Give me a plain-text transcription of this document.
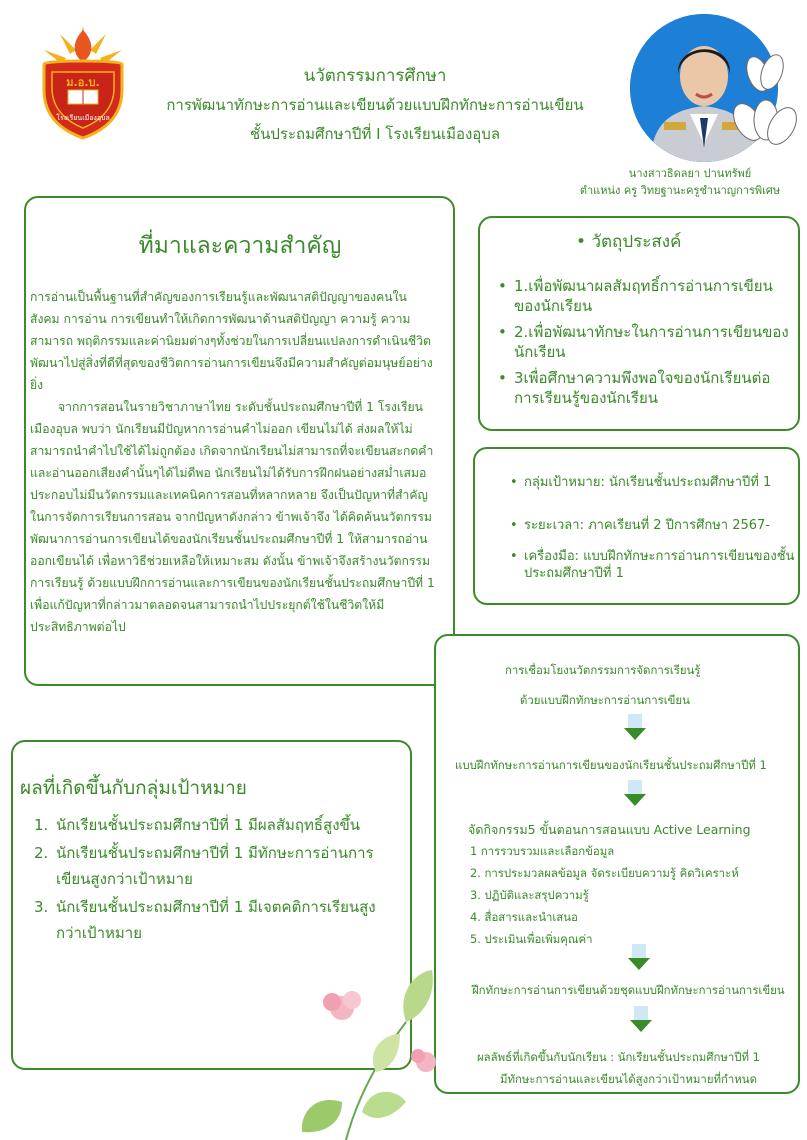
ม.อ.บ.
โรงเรียนเมืองอุบล
นวัตกรรมการศึกษา
การพัฒนาทักษะการอ่านและเขียนด้วยแบบฝึกทักษะการอ่านเขียน
ชั้นประถมศึกษาปีที่ I โรงเรียนเมืองอุบล
นางสาวธิดลยา ปานทรัพย์
ตำแหน่ง ครู วิทยฐานะครูชำนาญการพิเศษ
ที่มาและความสำคัญ

การอ่านเป็นพื้นฐานที่สำคัญของการเรียนรู้และพัฒนาสติปัญญาของคนในสังคม การอ่าน การเขียนทำให้เกิดการพัฒนาด้านสติปัญญา ความรู้ ความสามารถ พฤติกรรมและค่านิยมต่างๆทั้งช่วยในการเปลี่ยนแปลงการดำเนินชีวิตพัฒนาไปสู่สิ่งที่ดีที่สุดของชีวิตการอ่านการเขียนจึงมีความสำคัญต่อมนุษย์อย่างยิ่ง

จากการสอนในรายวิชาภาษาไทย ระดับชั้นประถมศึกษาปีที่ 1 โรงเรียนเมืองอุบล พบว่า นักเรียนมีปัญหาการอ่านคำไม่ออก เขียนไม่ได้ ส่งผลให้ไม่สามารถนำคำไปใช้ได้ไม่ถูกต้อง เกิดจากนักเรียนไม่สามารถที่จะเขียนสะกดคำและอ่านออกเสียงคำนั้นๆได้ไม่ดีพอ นักเรียนไม่ได้รับการฝึกฝนอย่างสม่ำเสมอประกอบไม่มีนวัตกรรมและเทคนิคการสอนที่หลากหลาย จึงเป็นปัญหาที่สำคัญในการจัดการเรียนการสอน จากปัญหาดังกล่าว ข้าพเจ้าจึง ได้คิดค้นนวัตกรรมพัฒนาการอ่านการเขียนได้ของนักเรียนชั้นประถมศึกษาปีที่ 1 ให้สามารถอ่านออกเขียนได้ เพื่อหาวิธีช่วยเหลือให้เหมาะสม ดังนั้น ข้าพเจ้าจึงสร้างนวัตกรรมการเรียนรู้ ด้วยแบบฝึกการอ่านและการเขียนของนักเรียนชั้นประถมศึกษาปีที่ 1 เพื่อแก้ปัญหาที่กล่าวมาตลอดจนสามารถนำไปประยุกต์ใช้ในชีวิตให้มีประสิทธิภาพต่อไป

• วัตถุประสงค์
• 1.เพื่อพัฒนาผลสัมฤทธิ์การอ่านการเขียนของนักเรียน
• 2.เพื่อพัฒนาทักษะในการอ่านการเขียนของนักเรียน
• 3เพื่อศึกษาความพึงพอใจของนักเรียนต่อการเรียนรู้ของนักเรียน
• กลุ่มเป้าหมาย: นักเรียนชั้นประถมศึกษาปีที่ 1
• ระยะเวลา: ภาคเรียนที่ 2 ปีการศึกษา 2567-
• เครื่องมือ: แบบฝึกทักษะการอ่านการเขียนของชั้นประถมศึกษาปีที่ 1
ผลที่เกิดขึ้นกับกลุ่มเป้าหมาย
1. นักเรียนชั้นประถมศึกษาปีที่ 1 มีผลสัมฤทธิ์สูงขึ้น
2. นักเรียนชั้นประถมศึกษาปีที่ 1 มีทักษะการอ่านการเขียนสูงกว่าเป้าหมาย
3. นักเรียนชั้นประถมศึกษาปีที่ 1 มีเจตคติการเรียนสูงกว่าเป้าหมาย
การเชื่อมโยงนวัตกรรมการจัดการเรียนรู้
ด้วยแบบฝึกทักษะการอ่านการเขียน
แบบฝึกทักษะการอ่านการเขียนของนักเรียนชั้นประถมศึกษาปีที่ 1
จัดกิจกรรม5 ขั้นตอนการสอนแบบ Active Learning
1 การรวบรวมและเลือกข้อมูล
2. การประมวลผลข้อมูล จัดระเบียบความรู้ คิดวิเคราะห์
3. ปฏิบัติและสรุปความรู้
4. สื่อสารและนำเสนอ
5. ประเมินเพื่อเพิ่มคุณค่า
ฝึกทักษะการอ่านการเขียนด้วยชุดแบบฝึกทักษะการอ่านการเขียน
ผลลัพธ์ที่เกิดขึ้นกับนักเรียน : นักเรียนชั้นประถมศึกษาปีที่ 1
มีทักษะการอ่านและเขียนได้สูงกว่าเป้าหมายที่กำหนด
